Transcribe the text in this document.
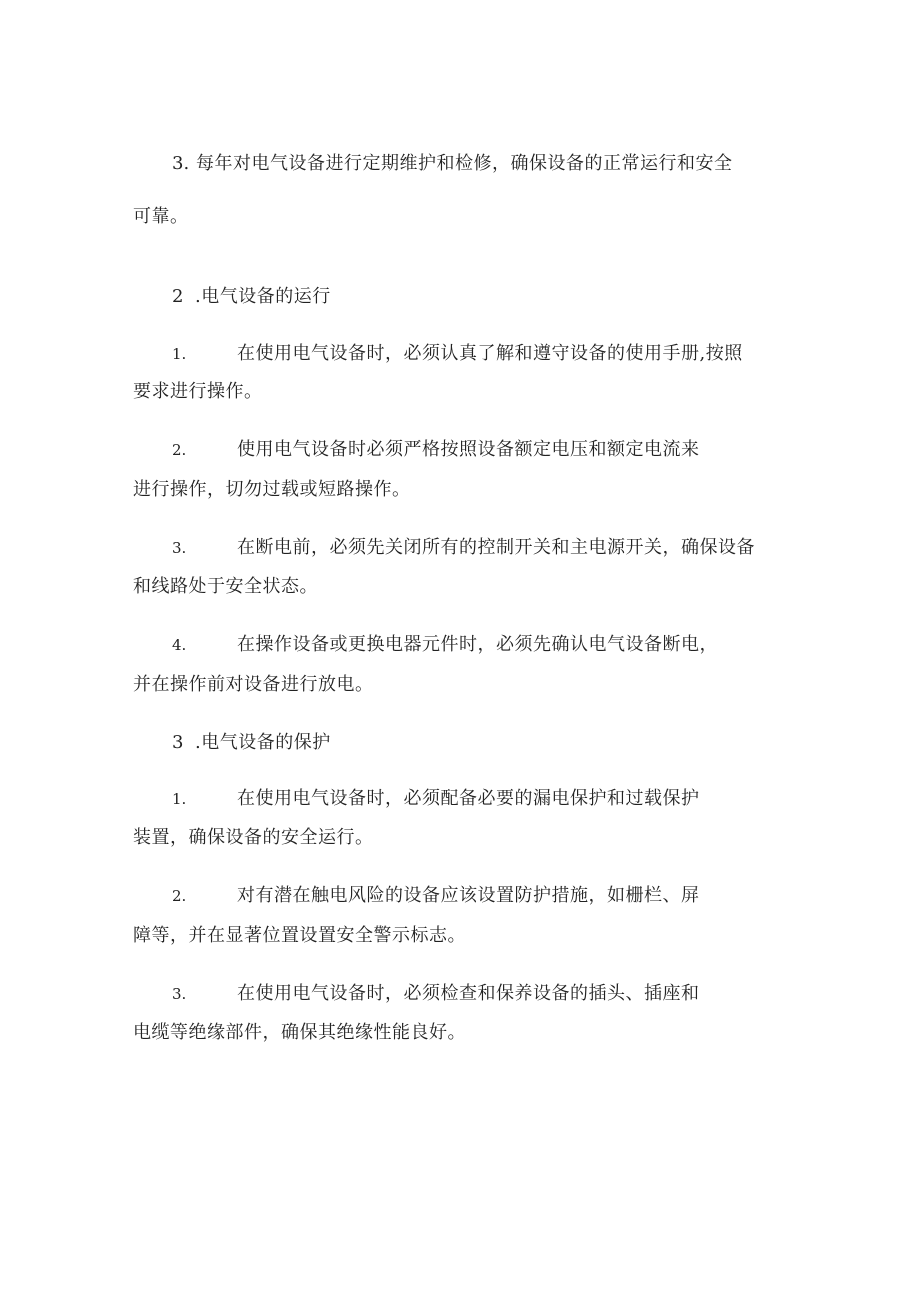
3. 每年对电气设备进行定期维护和检修，确保设备的正常运行和安全
可靠。
2 .电气设备的运行
1.	在使用电气设备时，必须认真了解和遵守设备的使用手册,按照
要求进行操作。
2.	使用电气设备时必须严格按照设备额定电压和额定电流来
进行操作，切勿过载或短路操作。
3.	在断电前，必须先关闭所有的控制开关和主电源开关，确保设备
和线路处于安全状态。
4.	在操作设备或更换电器元件时，必须先确认电气设备断电，
并在操作前对设备进行放电。
3 .电气设备的保护
1.	在使用电气设备时，必须配备必要的漏电保护和过载保护
装置，确保设备的安全运行。
2.	对有潜在触电风险的设备应该设置防护措施，如栅栏、屏
障等，并在显著位置设置安全警示标志。
3.	在使用电气设备时，必须检查和保养设备的插头、插座和
电缆等绝缘部件，确保其绝缘性能良好。
